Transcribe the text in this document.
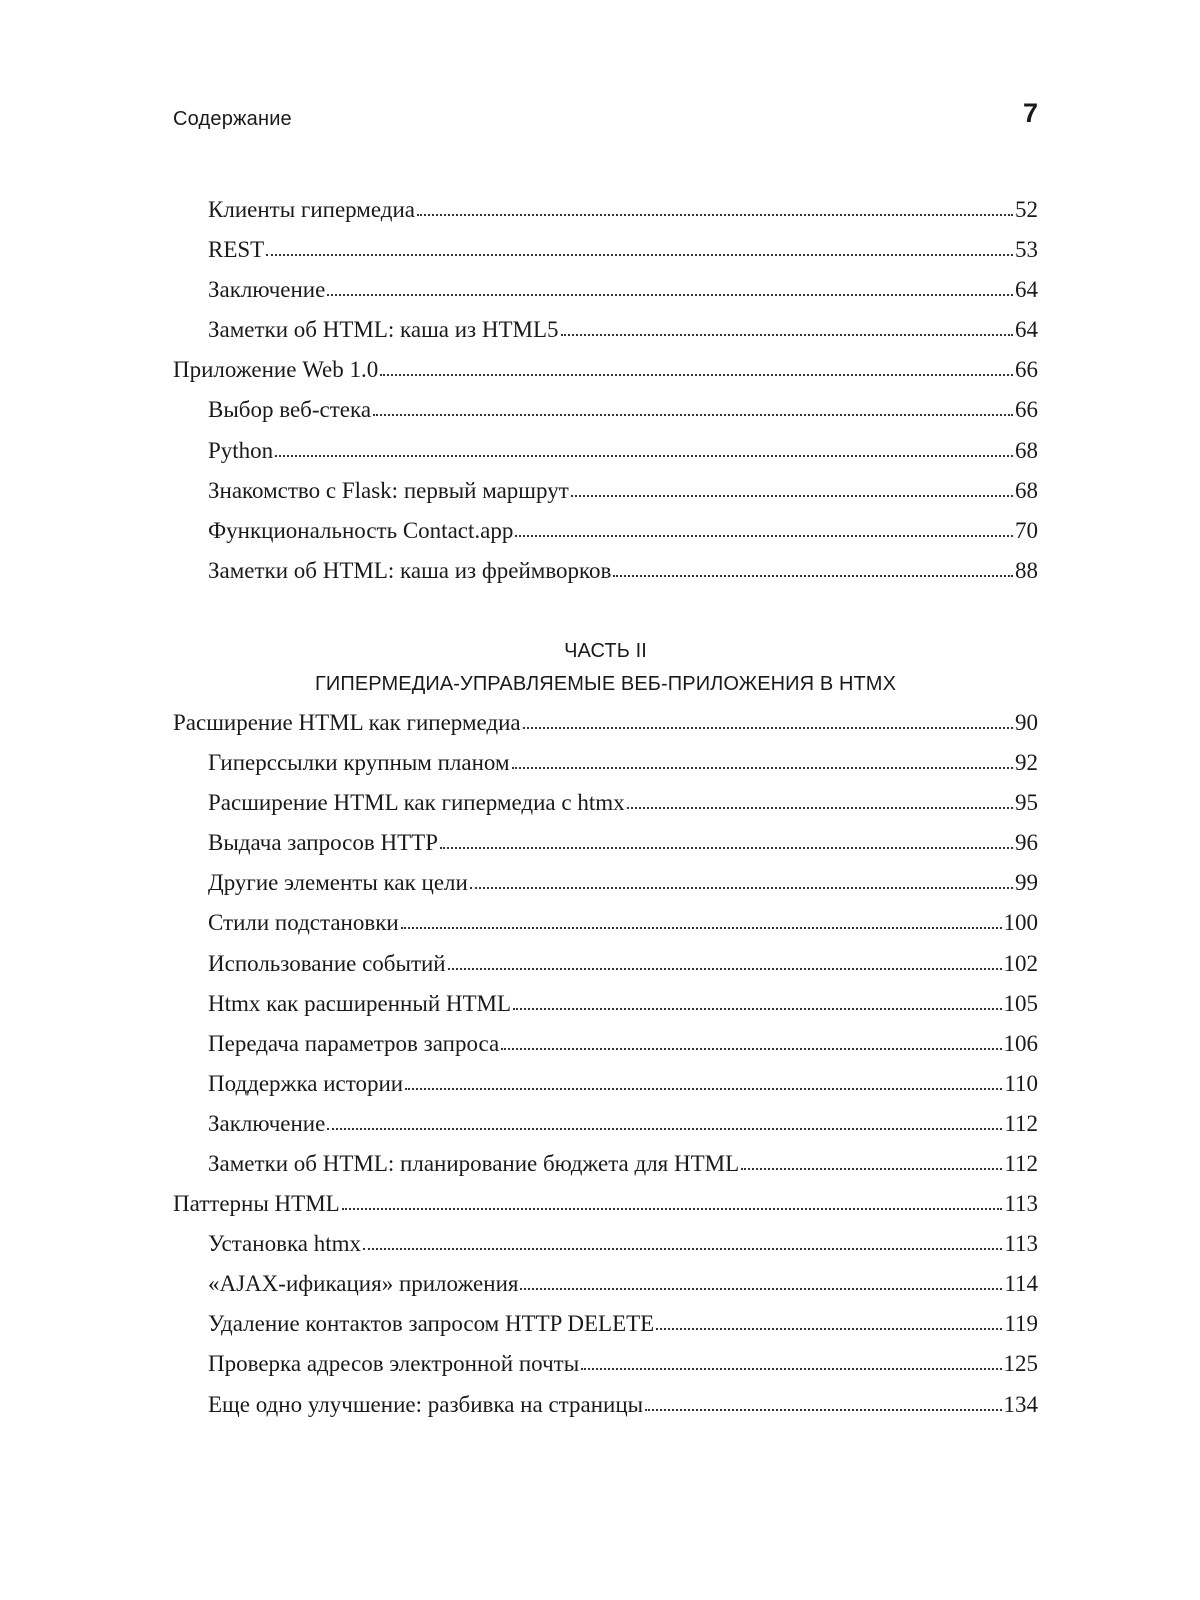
Содержание	7
Клиенты гипермедиа	52
REST	53
Заключение	64
Заметки об HTML: каша из HTML5	64
Приложение Web 1.0	66
Выбор веб-стека	66
Python	68
Знакомство с Flask: первый маршрут	68
Функциональность Contact.app	70
Заметки об HTML: каша из фреймворков	88
ЧАСТЬ II
ГИПЕРМЕДИА-УПРАВЛЯЕМЫЕ ВЕБ-ПРИЛОЖЕНИЯ В HTMX
Расширение HTML как гипермедиа	90
Гиперссылки крупным планом	92
Расширение HTML как гипермедиа с htmx	95
Выдача запросов HTTP	96
Другие элементы как цели	99
Стили подстановки	100
Использование событий	102
Htmx как расширенный HTML	105
Передача параметров запроса	106
Поддержка истории	110
Заключение	112
Заметки об HTML: планирование бюджета для HTML	112
Паттерны HTML	113
Установка htmx	113
«AJAX-ификация» приложения	114
Удаление контактов запросом HTTP DELETE	119
Проверка адресов электронной почты	125
Еще одно улучшение: разбивка на страницы	134
